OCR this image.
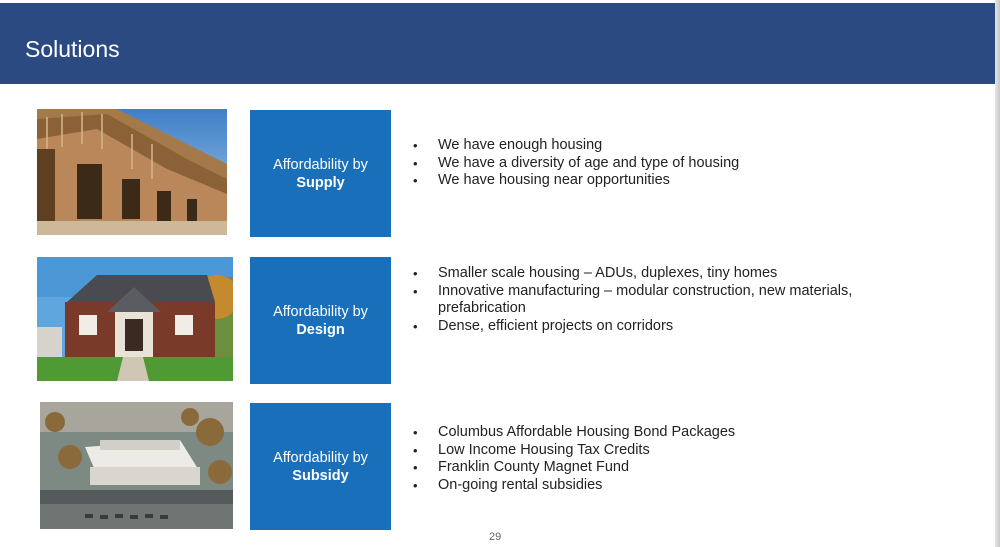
Solutions
Affordability by
Supply
• We have enough housing
• We have a diversity of age and type of housing
• We have housing near opportunities
Affordability by
Design
• Smaller scale housing – ADUs, duplexes, tiny homes
• Innovative manufacturing – modular construction, new materials,
prefabrication
• Dense, efficient projects on corridors
Affordability by
Subsidy
• Columbus Affordable Housing Bond Packages
• Low Income Housing Tax Credits
• Franklin County Magnet Fund
• On-going rental subsidies
29
